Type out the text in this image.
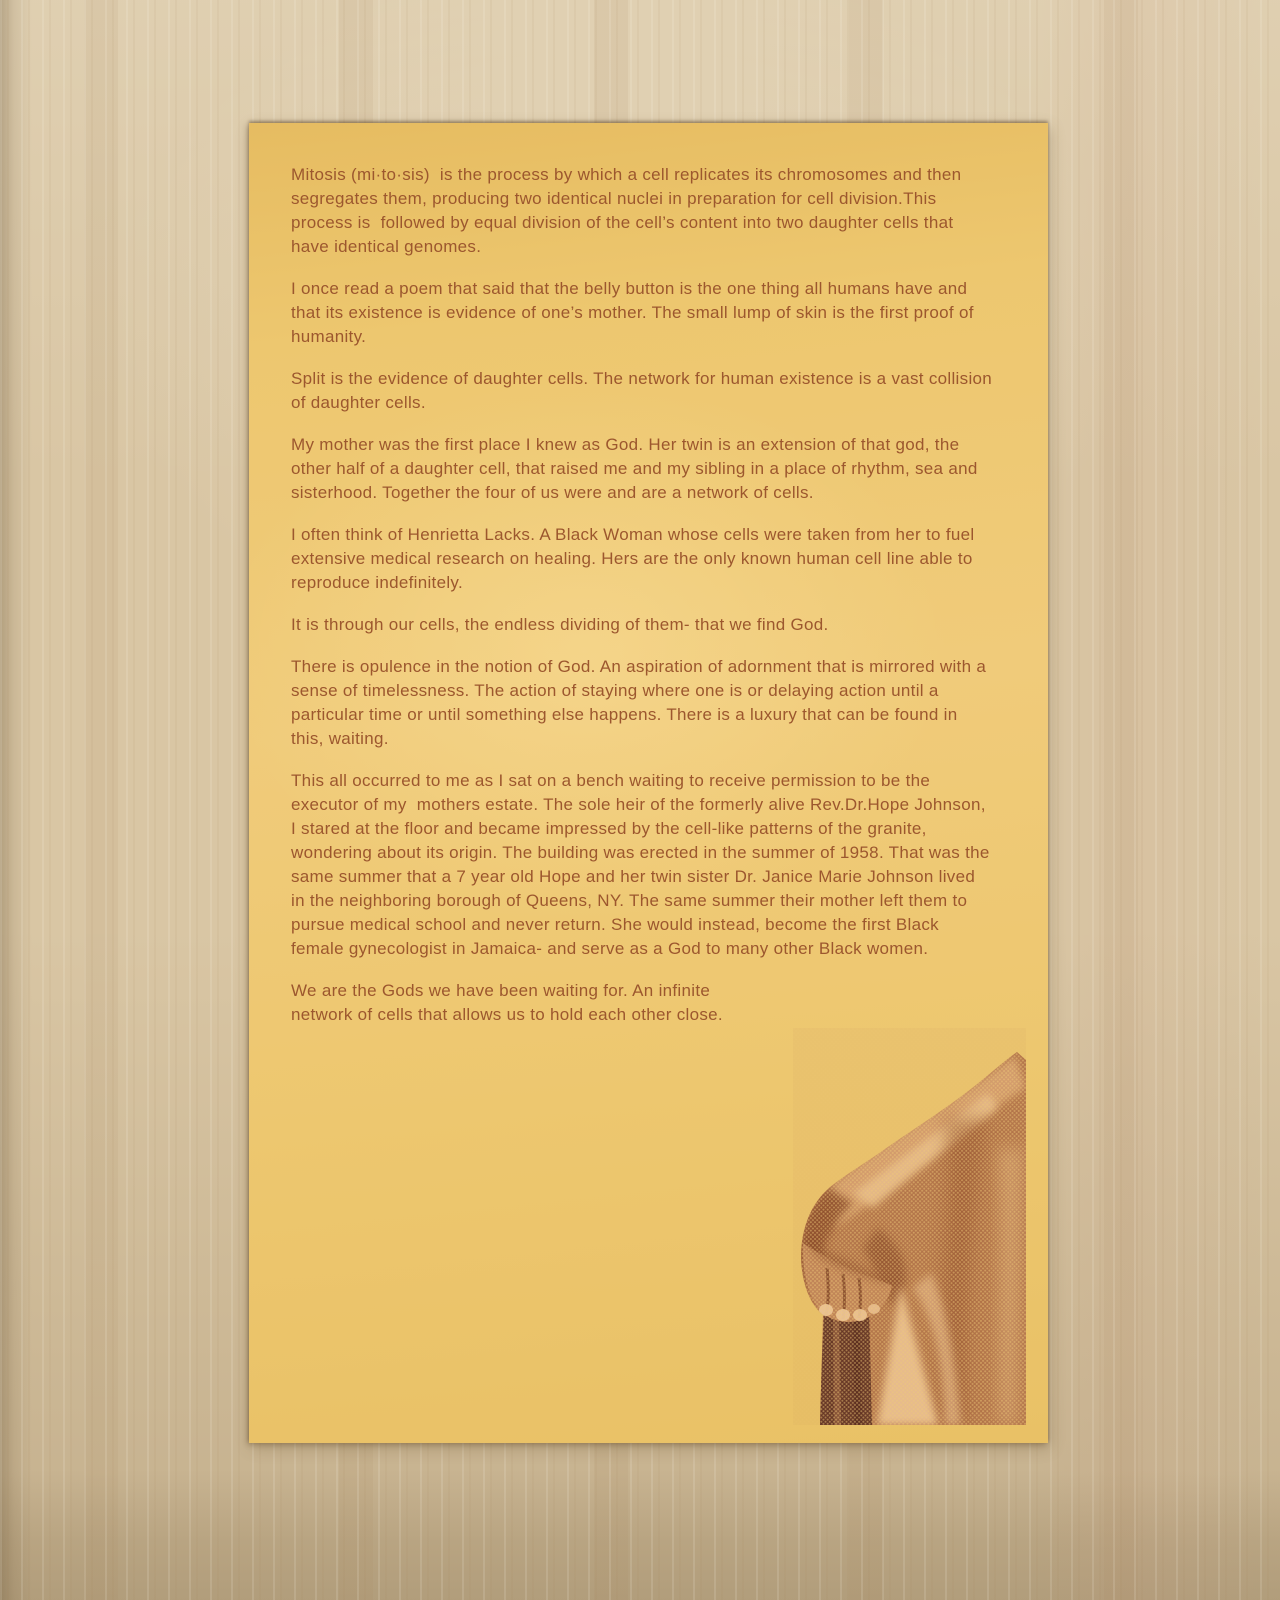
Mitosis (mi·to·sis)  is the process by which a cell replicates its chromosomes and then segregates them, producing two identical nuclei in preparation for cell division.This process is  followed by equal division of the cell’s content into two daughter cells that have identical genomes.

I once read a poem that said that the belly button is the one thing all humans have and that its existence is evidence of one’s mother. The small lump of skin is the first proof of humanity.

Split is the evidence of daughter cells. The network for human existence is a vast collision of daughter cells.

My mother was the first place I knew as God. Her twin is an extension of that god, the other half of a daughter cell, that raised me and my sibling in a place of rhythm, sea and sisterhood. Together the four of us were and are a network of cells.

I often think of Henrietta Lacks. A Black Woman whose cells were taken from her to fuel extensive medical research on healing. Hers are the only known human cell line able to reproduce indefinitely.

It is through our cells, the endless dividing of them- that we find God.

There is opulence in the notion of God. An aspiration of adornment that is mirrored with a sense of timelessness. The action of staying where one is or delaying action until a particular time or until something else happens. There is a luxury that can be found in this, waiting.

This all occurred to me as I sat on a bench waiting to receive permission to be the executor of my  mothers estate. The sole heir of the formerly alive Rev.Dr.Hope Johnson, I stared at the floor and became impressed by the cell-like patterns of the granite, wondering about its origin. The building was erected in the summer of 1958. That was the same summer that a 7 year old Hope and her twin sister Dr. Janice Marie Johnson lived in the neighboring borough of Queens, NY. The same summer their mother left them to pursue medical school and never return. She would instead, become the first Black female gynecologist in Jamaica- and serve as a God to many other Black women.

We are the Gods we have been waiting for. An infinite network of cells that allows us to hold each other close.
